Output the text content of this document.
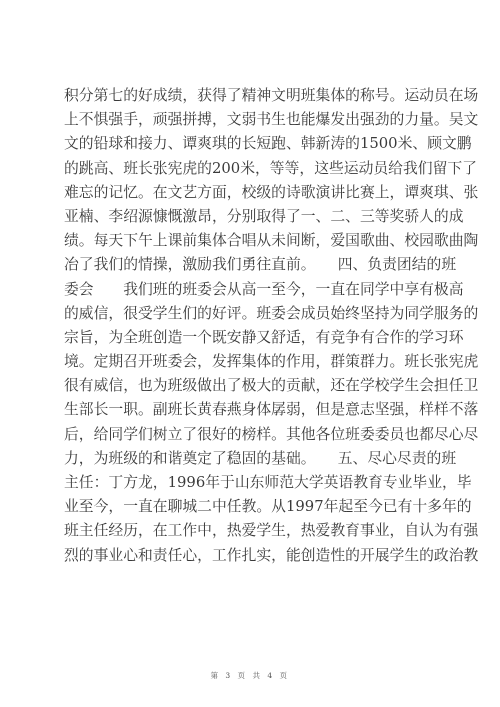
积分第七的好成绩，获得了精神文明班集体的称号。运动员在场
上不惧强手，顽强拼搏，文弱书生也能爆发出强劲的力量。吴文
文的铅球和接力、谭爽琪的长短跑、韩新涛的1500米、顾文鹏
的跳高、班长张宪虎的200米，等等，这些运动员给我们留下了
难忘的记忆。在文艺方面，校级的诗歌演讲比赛上，谭爽琪、张
亚楠、李绍源慷慨激昂，分别取得了一、二、三等奖骄人的成
绩。每天下午上课前集体合唱从未间断，爱国歌曲、校园歌曲陶
冶了我们的情操，激励我们勇往直前。　　四、负责团结的班
委会　　我们班的班委会从高一至今，一直在同学中享有极高
的威信，很受学生们的好评。班委会成员始终坚持为同学服务的
宗旨，为全班创造一个既安静又舒适，有竞争有合作的学习环
境。定期召开班委会，发挥集体的作用，群策群力。班长张宪虎
很有威信，也为班级做出了极大的贡献，还在学校学生会担任卫
生部长一职。副班长黄春燕身体孱弱，但是意志坚强，样样不落
后，给同学们树立了很好的榜样。其他各位班委委员也都尽心尽
力，为班级的和谐奠定了稳固的基础。　　五、尽心尽责的班
主任：丁方龙，1996年于山东师范大学英语教育专业毕业，毕
业至今，一直在聊城二中任教。从1997年起至今已有十多年的
班主任经历，在工作中，热爱学生，热爱教育事业，自认为有强
烈的事业心和责任心，工作扎实，能创造性的开展学生的政治教
第 3 页 共 4 页
